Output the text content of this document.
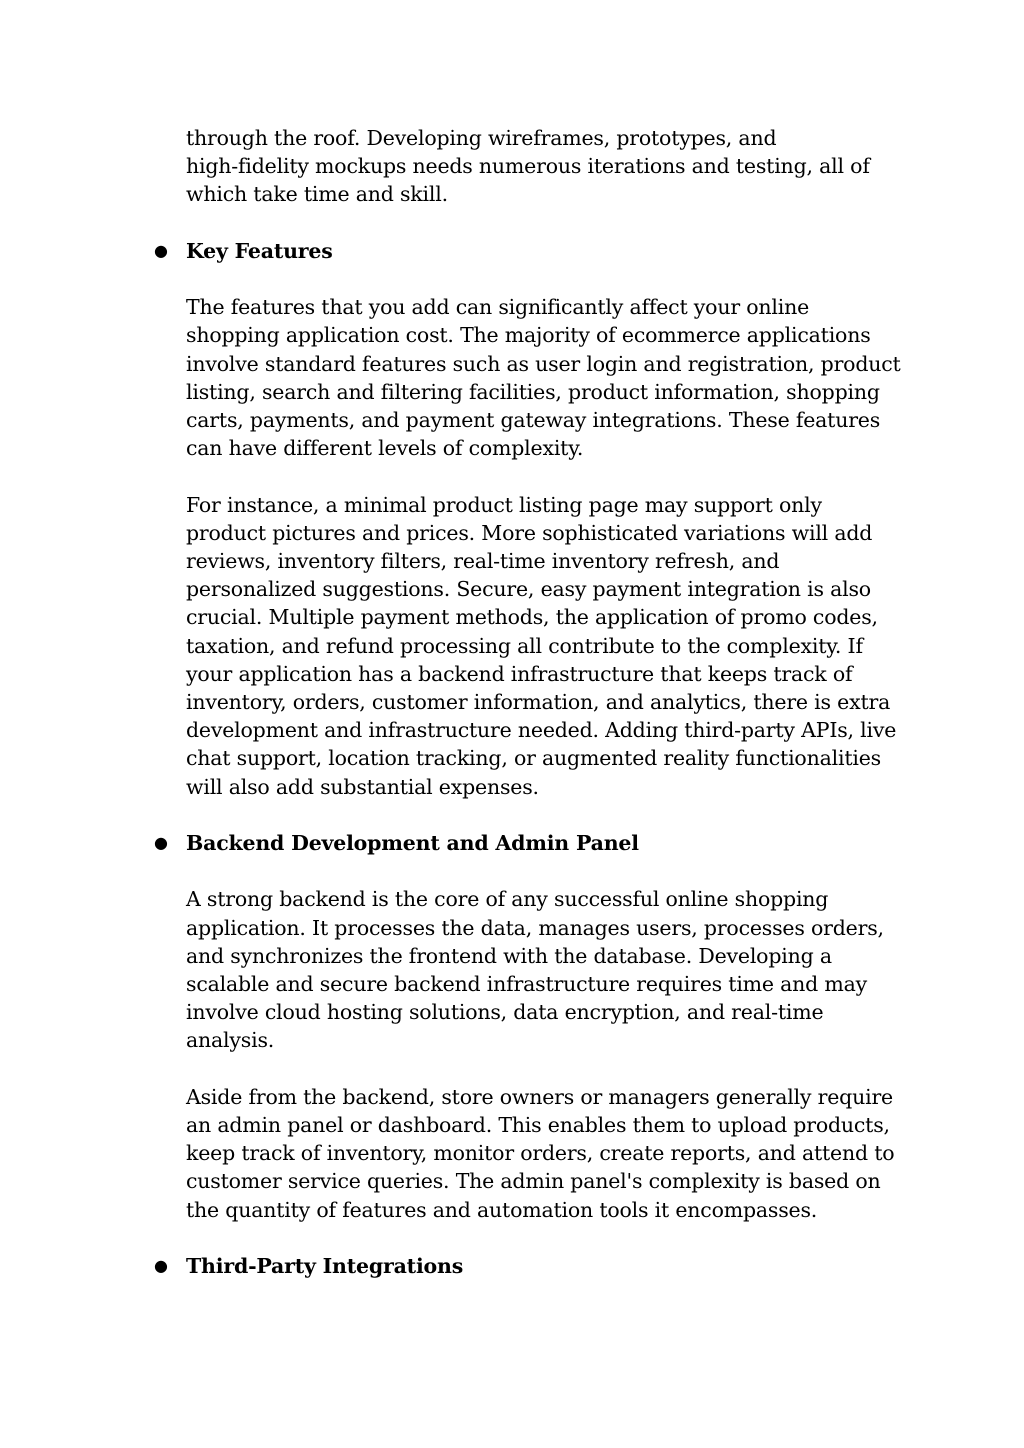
through the roof. Developing wireframes, prototypes, and
high-fidelity mockups needs numerous iterations and testing, all of
which take time and skill.
● Key Features
The features that you add can significantly affect your online
shopping application cost. The majority of ecommerce applications
involve standard features such as user login and registration, product
listing, search and filtering facilities, product information, shopping
carts, payments, and payment gateway integrations. These features
can have different levels of complexity.
For instance, a minimal product listing page may support only
product pictures and prices. More sophisticated variations will add
reviews, inventory filters, real-time inventory refresh, and
personalized suggestions. Secure, easy payment integration is also
crucial. Multiple payment methods, the application of promo codes,
taxation, and refund processing all contribute to the complexity. If
your application has a backend infrastructure that keeps track of
inventory, orders, customer information, and analytics, there is extra
development and infrastructure needed. Adding third-party APIs, live
chat support, location tracking, or augmented reality functionalities
will also add substantial expenses.
● Backend Development and Admin Panel
A strong backend is the core of any successful online shopping
application. It processes the data, manages users, processes orders,
and synchronizes the frontend with the database. Developing a
scalable and secure backend infrastructure requires time and may
involve cloud hosting solutions, data encryption, and real-time
analysis.
Aside from the backend, store owners or managers generally require
an admin panel or dashboard. This enables them to upload products,
keep track of inventory, monitor orders, create reports, and attend to
customer service queries. The admin panel's complexity is based on
the quantity of features and automation tools it encompasses.
● Third-Party Integrations
